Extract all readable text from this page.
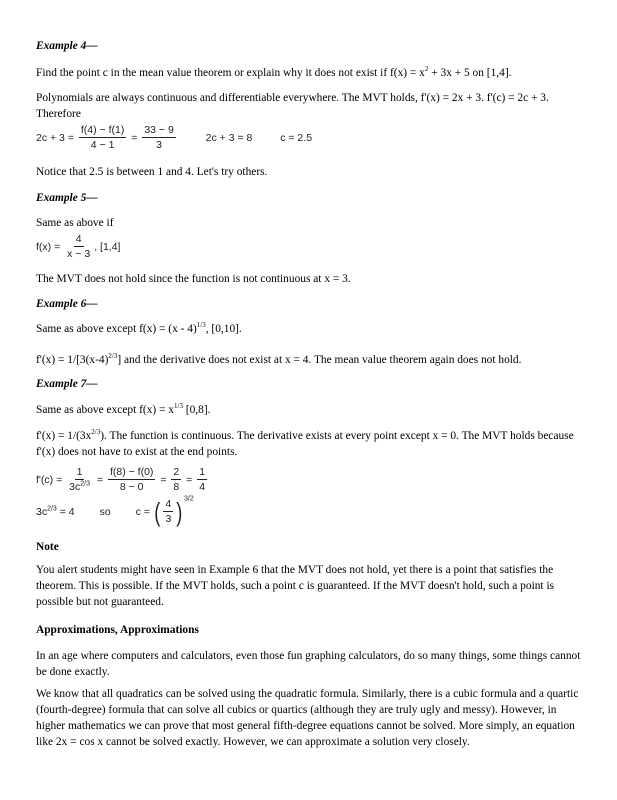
Example 4—

Find the point c in the mean value theorem or explain why it does not exist if $f(x) = x^2 + 3x + 5$ on [1,4].

Polynomials are always continuous and differentiable everywhere. The MVT holds, f'(x) = 2x + 3. f'(c) = 2c + 3. Therefore

$2c + 3 = \frac{f(4) - f(1)}{4 - 1} = \frac{33 - 9}{3}$	2c + 3 = 8	c = 2.5

Notice that 2.5 is between 1 and 4. Let's try others.

Example 5—

Same as above if

$f(x) = \frac{4}{x - 3}$ , [1,4]

The MVT does not hold since the function is not continuous at x = 3.

Example 6—

Same as above except f(x) = (x - 4)$^{1/3}$, [0,10].

$f'(x) = 1/[3(x-4)^{2/3}]$ and the derivative does not exist at x = 4. The mean value theorem again does not hold.

Example 7—

Same as above except $f(x) = x^{1/3}$ [0,8].

$f'(x) = 1/(3x^{2/3})$. The function is continuous. The derivative exists at every point except x = 0. The MVT holds because f'(x) does not have to exist at the end points.

$f'(c) = \frac{1}{3c^{2/3}} = \frac{f(8) - f(0)}{8 - 0} = \frac{2}{8} = \frac{1}{4}$
$3c^{2/3} = 4$ so c = ( $\frac{4}{3} )^{3/2}$

Note

You alert students might have seen in Example 6 that the MVT does not hold, yet there is a point that satisfies the theorem. This is possible. If the MVT holds, such a point c is guaranteed. If the MVT doesn't hold, such a point is possible but not guaranteed.

Approximations, Approximations

In an age where computers and calculators, even those fun graphing calculators, do so many things, some things cannot be done exactly.

We know that all quadratics can be solved using the quadratic formula. Similarly, there is a cubic formula and a quartic (fourth-degree) formula that can solve all cubics or quartics (although they are truly ugly and messy). However, in higher mathematics we can prove that most general fifth-degree equations cannot be solved. More simply, an equation like 2x = cos x cannot be solved exactly. However, we can approximate a solution very closely.
